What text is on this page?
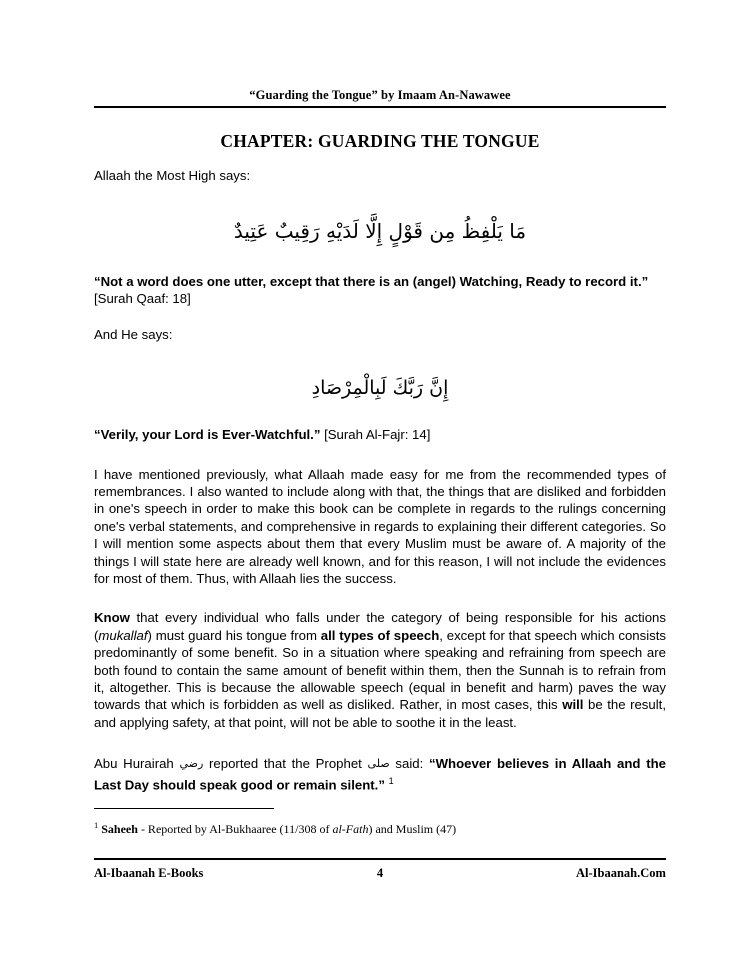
“Guarding the Tongue” by Imaam An-Nawawee
CHAPTER: GUARDING THE TONGUE
Allaah the Most High says:
مَا يَلْفِظُ مِن قَوْلٍ إِلَّا لَدَيْهِ رَقِيبٌ عَتِيدٌ
“Not a word does one utter, except that there is an (angel) Watching, Ready to record it.” [Surah Qaaf: 18]
And He says:
إِنَّ رَبَّكَ لَبِالْمِرْصَادِ
“Verily, your Lord is Ever-Watchful.” [Surah Al-Fajr: 14]

I have mentioned previously, what Allaah made easy for me from the recommended types of remembrances. I also wanted to include along with that, the things that are disliked and forbidden in one's speech in order to make this book can be complete in regards to the rulings concerning one's verbal statements, and comprehensive in regards to explaining their different categories. So I will mention some aspects about them that every Muslim must be aware of. A majority of the things I will state here are already well known, and for this reason, I will not include the evidences for most of them. Thus, with Allaah lies the success.

Know that every individual who falls under the category of being responsible for his actions (mukallaf) must guard his tongue from all types of speech, except for that speech which consists predominantly of some benefit. So in a situation where speaking and refraining from speech are both found to contain the same amount of benefit within them, then the Sunnah is to refrain from it, altogether. This is because the allowable speech (equal in benefit and harm) paves the way towards that which is forbidden as well as disliked. Rather, in most cases, this will be the result, and applying safety, at that point, will not be able to soothe it in the least.

Abu Hurairah رضي reported that the Prophet صلى said: “Whoever believes in Allaah and the Last Day should speak good or remain silent.” $^1$

$^1$ Saheeh - Reported by Al-Bukhaaree (11/308 of al-Fath) and Muslim (47)
Al-Ibaanah E-Books	4	Al-Ibaanah.Com
